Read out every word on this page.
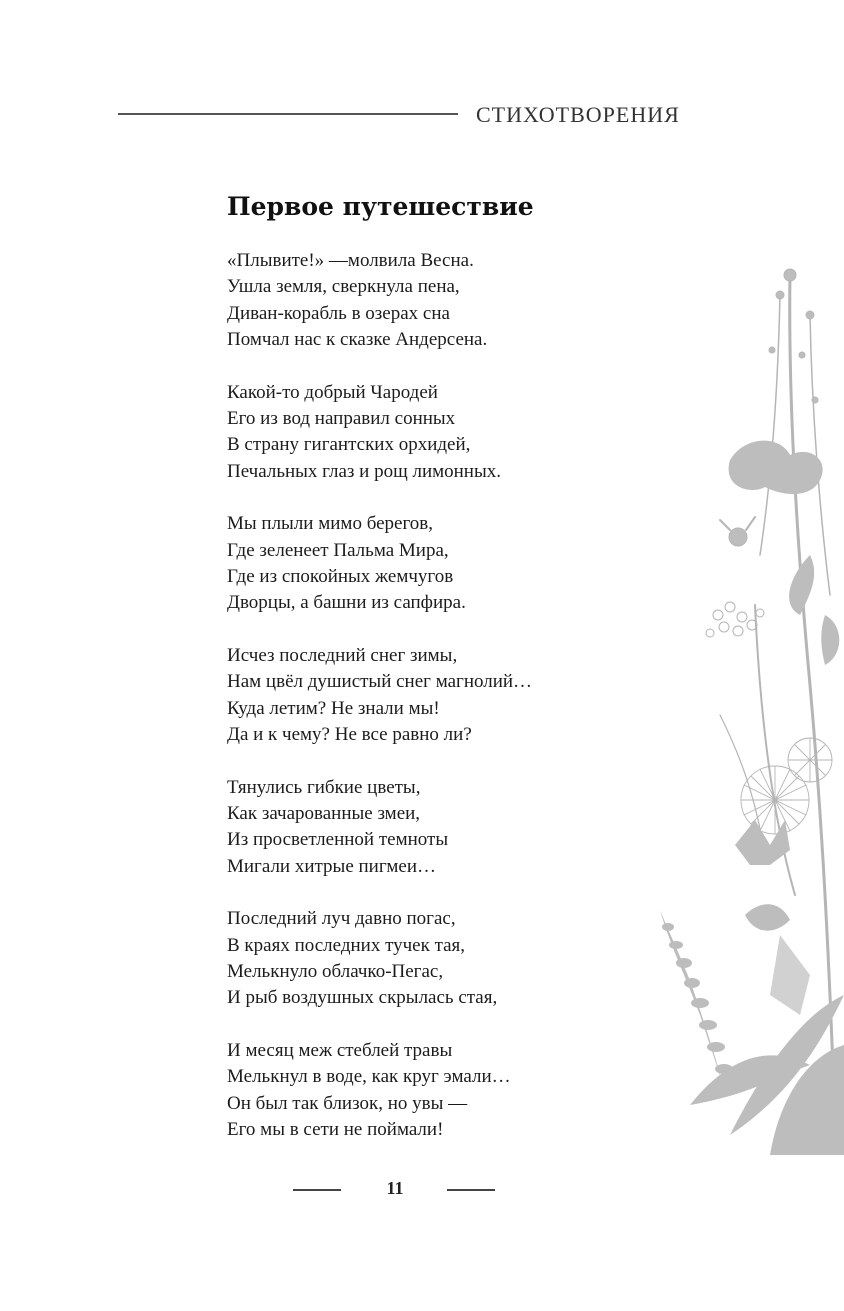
СТИХОТВОРЕНИЯ
Первое путешествие
«Плывите!» —молвила Весна.
Ушла земля, сверкнула пена,
Диван-корабль в озерах сна
Помчал нас к сказке Андерсена.
Какой-то добрый Чародей
Его из вод направил сонных
В страну гигантских орхидей,
Печальных глаз и рощ лимонных.
Мы плыли мимо берегов,
Где зеленеет Пальма Мира,
Где из спокойных жемчугов
Дворцы, а башни из сапфира.
Исчез последний снег зимы,
Нам цвёл душистый снег магнолий…
Куда летим? Не знали мы!
Да и к чему? Не все равно ли?
Тянулись гибкие цветы,
Как зачарованные змеи,
Из просветленной темноты
Мигали хитрые пигмеи…
Последний луч давно погас,
В краях последних тучек тая,
Мелькнуло облачко-Пегас,
И рыб воздушных скрылась стая,
И месяц меж стеблей травы
Мелькнул в воде, как круг эмали…
Он был так близок, но увы —
Его мы в сети не поймали!
11
